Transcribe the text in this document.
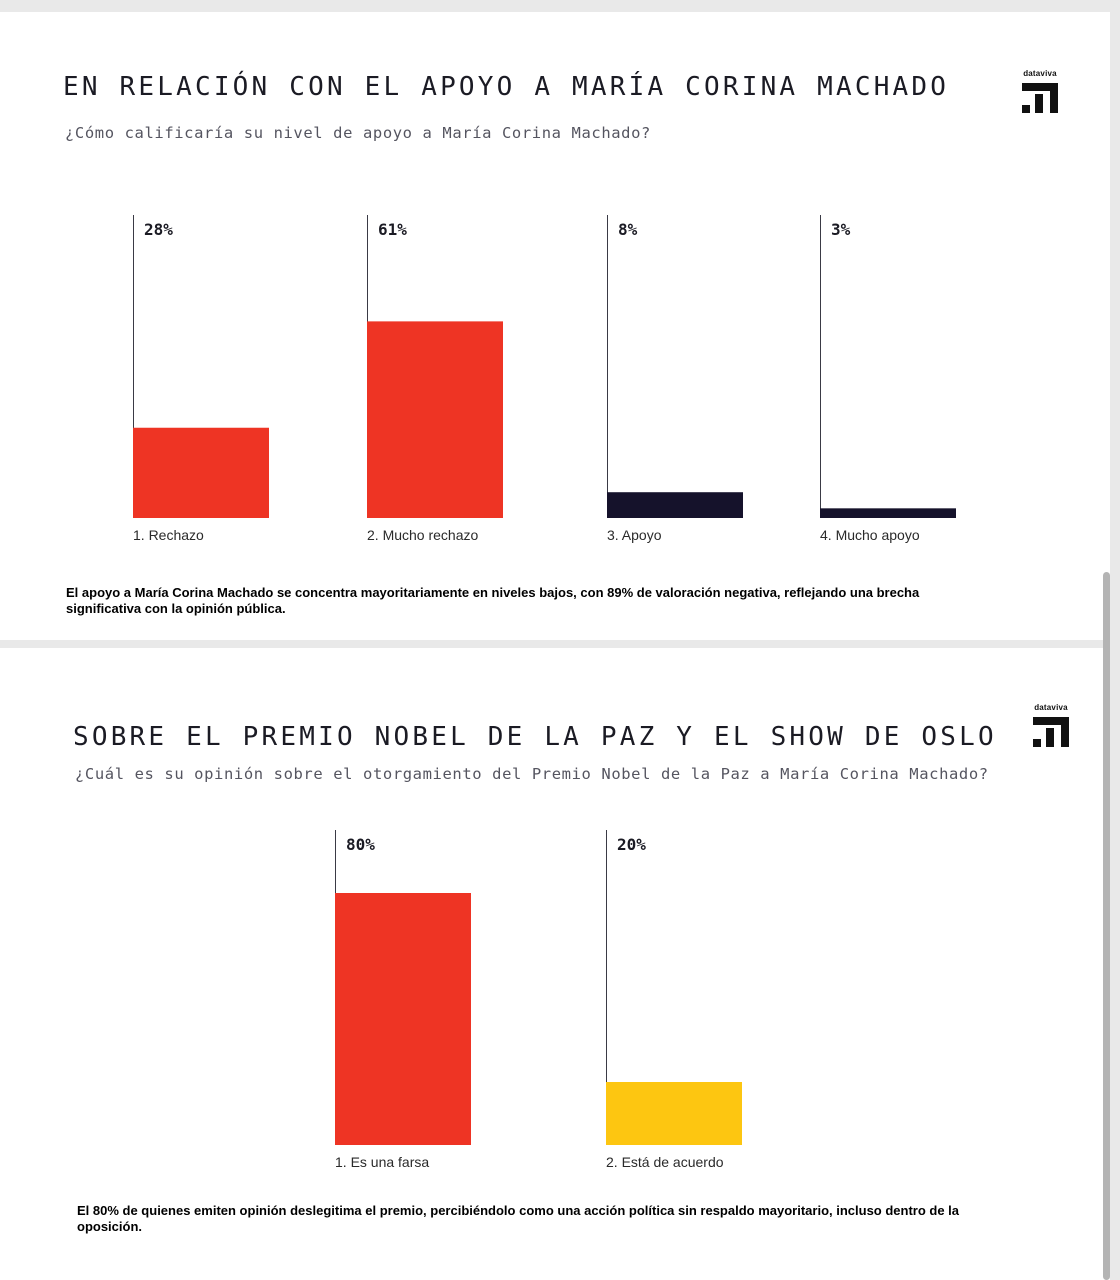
EN RELACIÓN CON EL APOYO A MARÍA CORINA MACHADO

¿Cómo calificaría su nivel de apoyo a María Corina Machado?

dataviva
28%
1. Rechazo
61%
2. Mucho rechazo
8%
3. Apoyo
3%
4. Mucho apoyo

El apoyo a María Corina Machado se concentra mayoritariamente en niveles bajos, con 89% de valoración negativa, reflejando una brecha significativa con la opinión pública.

SOBRE EL PREMIO NOBEL DE LA PAZ Y EL SHOW DE OSLO

¿Cuál es su opinión sobre el otorgamiento del Premio Nobel de la Paz a María Corina Machado?

dataviva
80%
1. Es una farsa
20%
2. Está de acuerdo

El 80% de quienes emiten opinión deslegitima el premio, percibiéndolo como una acción política sin respaldo mayoritario, incluso dentro de la oposición.
